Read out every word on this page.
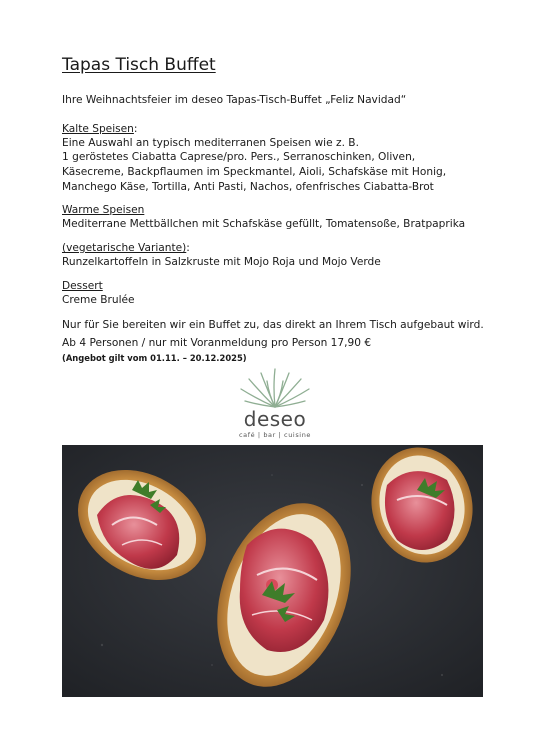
Tapas Tisch Buffet
Ihre Weihnachtsfeier im deseo Tapas-Tisch-Buffet „Feliz Navidad“
Kalte Speisen:
Eine Auswahl an typisch mediterranen Speisen wie z. B.
1 geröstetes Ciabatta Caprese/pro. Pers., Serranoschinken, Oliven,
Käsecreme, Backpflaumen im Speckmantel, Aioli, Schafskäse mit Honig,
Manchego Käse, Tortilla, Anti Pasti, Nachos, ofenfrisches Ciabatta-Brot
Warme Speisen
Mediterrane Mettbällchen mit Schafskäse gefüllt, Tomatensoße, Bratpaprika
(vegetarische Variante):
Runzelkartoffeln in Salzkruste mit Mojo Roja und Mojo Verde
Dessert
Creme Brulée
Nur für Sie bereiten wir ein Buffet zu, das direkt an Ihrem Tisch aufgebaut wird.
Ab 4 Personen / nur mit Voranmeldung pro Person 17,90 €
(Angebot gilt vom 01.11. – 20.12.2025)
deseo
café | bar | cuisine
